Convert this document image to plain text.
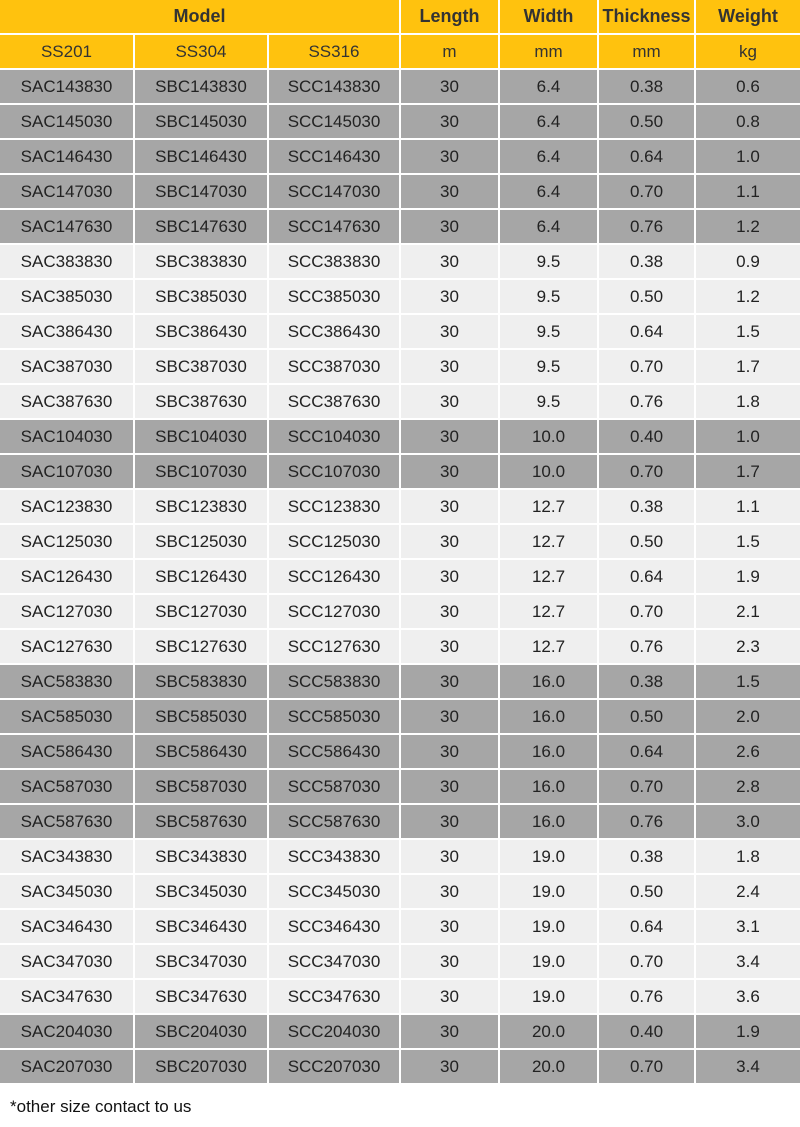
Model			Length	Width	Thickness	Weight
SS201	SS304	SS316	m	mm	mm	kg
SAC143830	SBC143830	SCC143830	30	6.4	0.38	0.6
SAC145030	SBC145030	SCC145030	30	6.4	0.50	0.8
SAC146430	SBC146430	SCC146430	30	6.4	0.64	1.0
SAC147030	SBC147030	SCC147030	30	6.4	0.70	1.1
SAC147630	SBC147630	SCC147630	30	6.4	0.76	1.2
SAC383830	SBC383830	SCC383830	30	9.5	0.38	0.9
SAC385030	SBC385030	SCC385030	30	9.5	0.50	1.2
SAC386430	SBC386430	SCC386430	30	9.5	0.64	1.5
SAC387030	SBC387030	SCC387030	30	9.5	0.70	1.7
SAC387630	SBC387630	SCC387630	30	9.5	0.76	1.8
SAC104030	SBC104030	SCC104030	30	10.0	0.40	1.0
SAC107030	SBC107030	SCC107030	30	10.0	0.70	1.7
SAC123830	SBC123830	SCC123830	30	12.7	0.38	1.1
SAC125030	SBC125030	SCC125030	30	12.7	0.50	1.5
SAC126430	SBC126430	SCC126430	30	12.7	0.64	1.9
SAC127030	SBC127030	SCC127030	30	12.7	0.70	2.1
SAC127630	SBC127630	SCC127630	30	12.7	0.76	2.3
SAC583830	SBC583830	SCC583830	30	16.0	0.38	1.5
SAC585030	SBC585030	SCC585030	30	16.0	0.50	2.0
SAC586430	SBC586430	SCC586430	30	16.0	0.64	2.6
SAC587030	SBC587030	SCC587030	30	16.0	0.70	2.8
SAC587630	SBC587630	SCC587630	30	16.0	0.76	3.0
SAC343830	SBC343830	SCC343830	30	19.0	0.38	1.8
SAC345030	SBC345030	SCC345030	30	19.0	0.50	2.4
SAC346430	SBC346430	SCC346430	30	19.0	0.64	3.1
SAC347030	SBC347030	SCC347030	30	19.0	0.70	3.4
SAC347630	SBC347630	SCC347630	30	19.0	0.76	3.6
SAC204030	SBC204030	SCC204030	30	20.0	0.40	1.9
SAC207030	SBC207030	SCC207030	30	20.0	0.70	3.4
*other size contact to us
